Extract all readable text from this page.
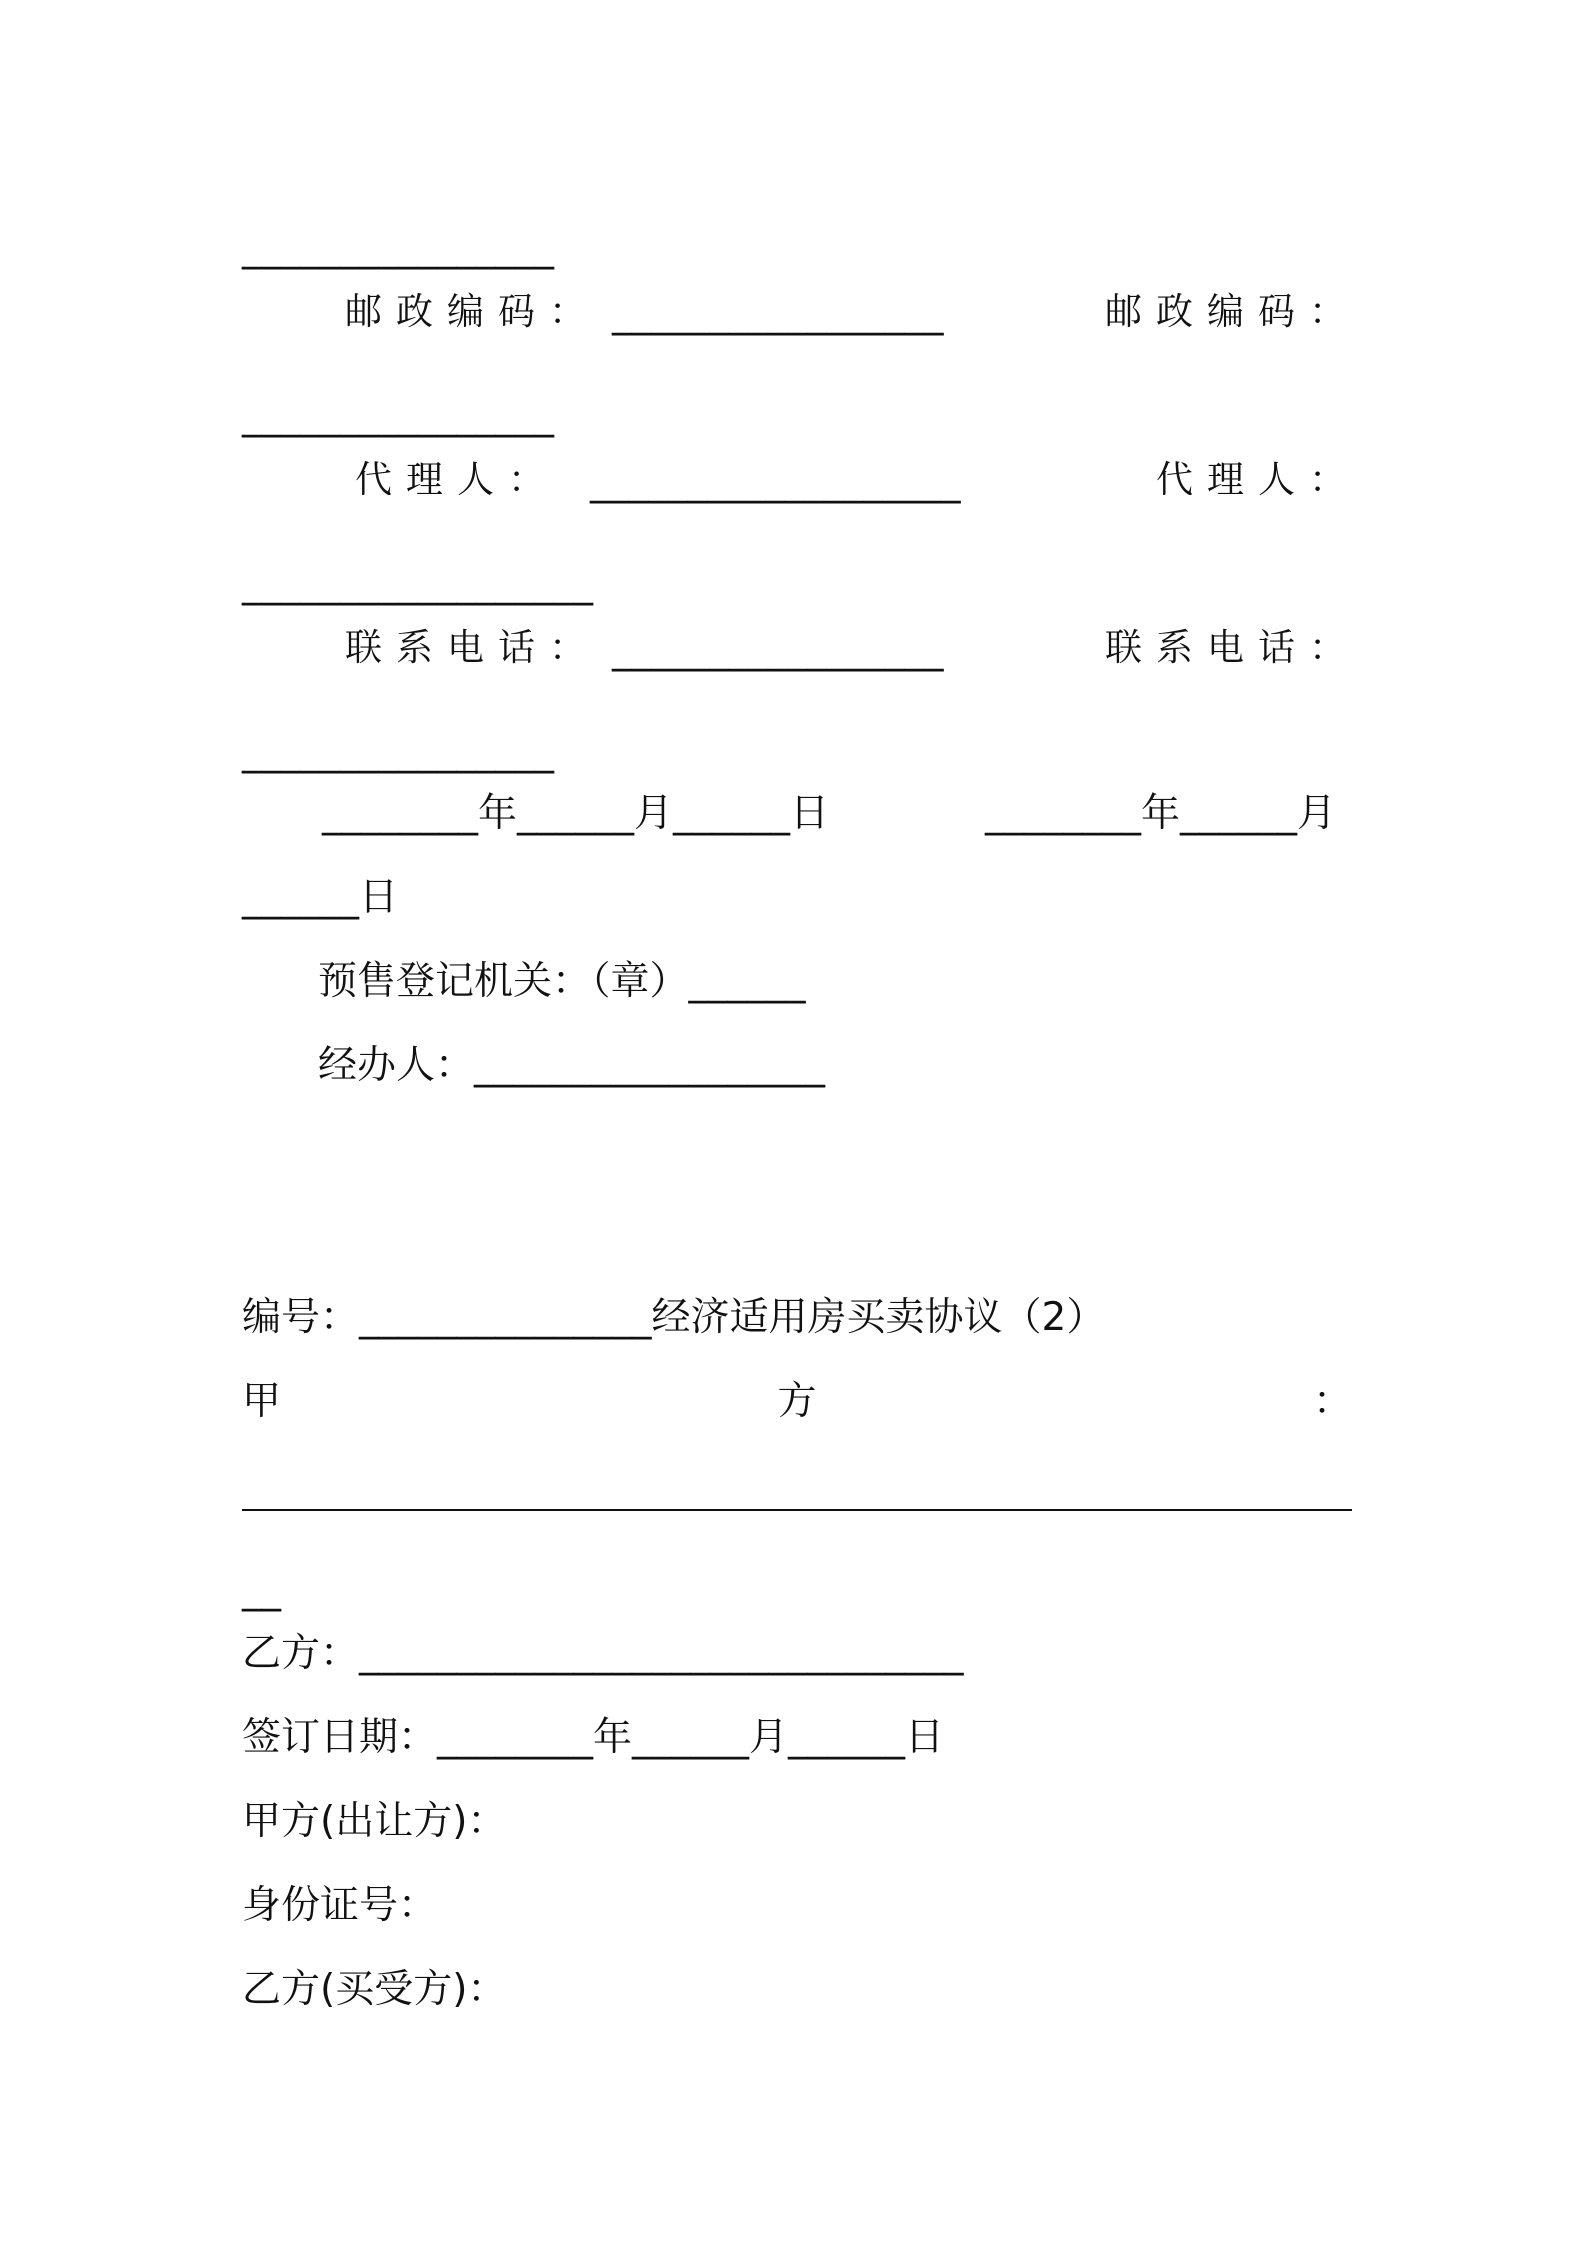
________________
邮政编码： _________________	邮政编码：
________________
代理人： ___________________	代理人：
__________________
联系电话： _________________	联系电话：
________________
________年______月______日	________年______月
______日
预售登记机关：（章）______
经办人：__________________
编号：_______________经济适用房买卖协议（2）
甲	方	：
__
乙方：_______________________________
签订日期：________年______月______日
甲方(出让方)：
身份证号：
乙方(买受方)：
